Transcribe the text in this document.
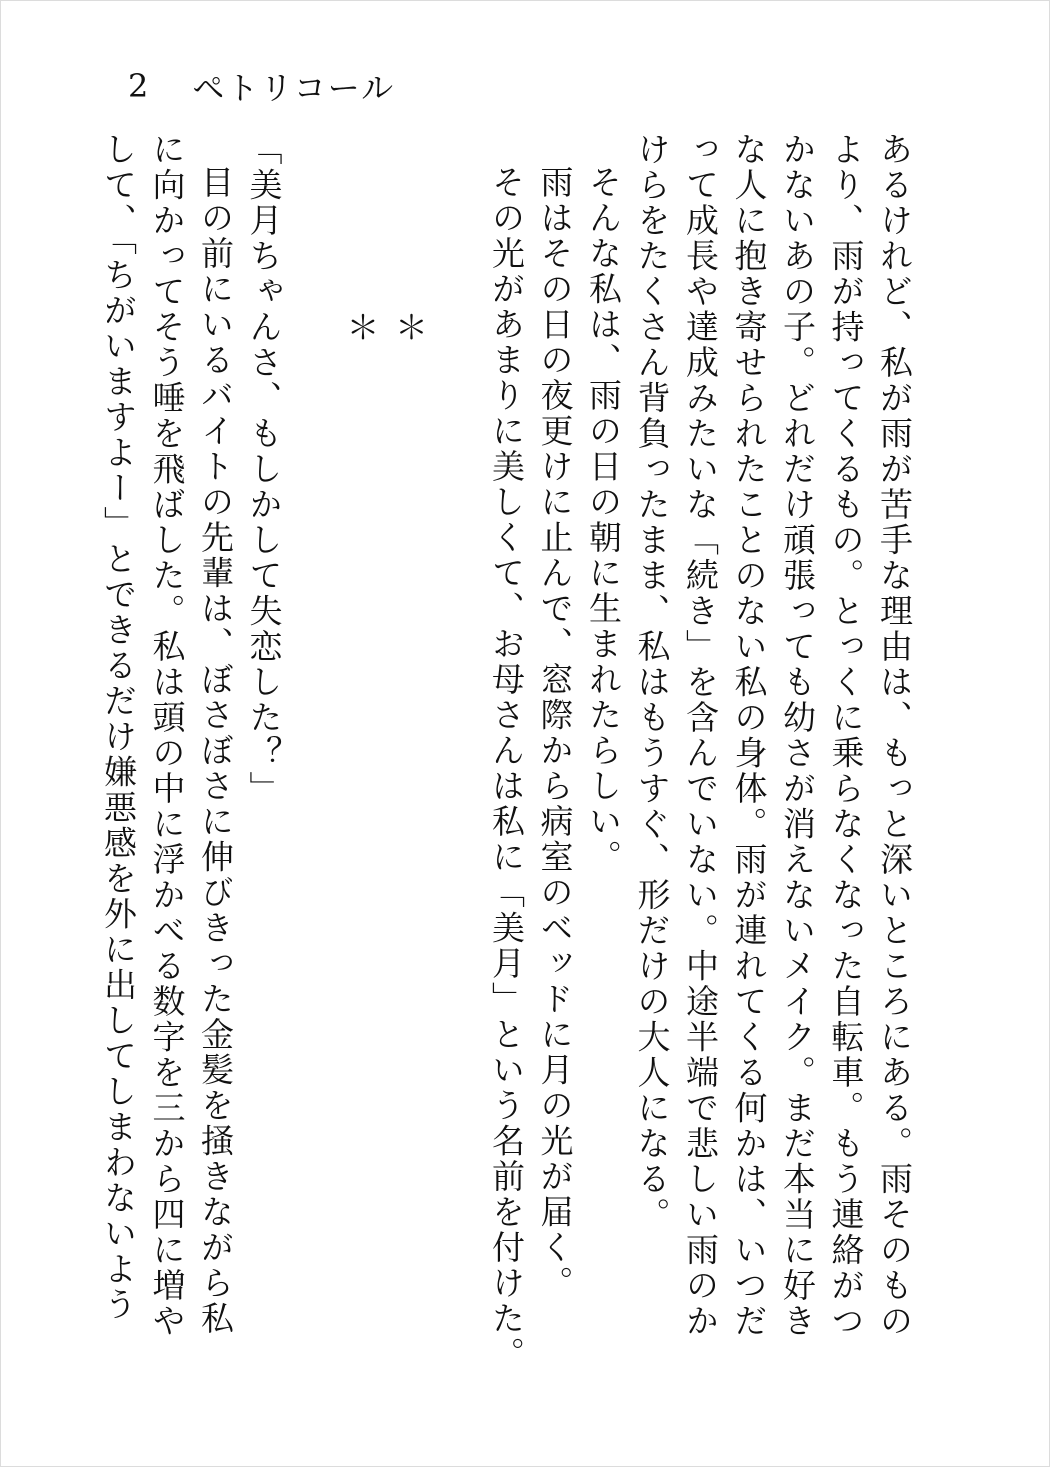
2 ペトリコール

あるけれど、私が雨が苦手な理由は、もっと深いところにある。雨そのもの

より、雨が持ってくるもの。とっくに乗らなくなった自転車。もう連絡がつ

かないあの子。どれだけ頑張っても幼さが消えないメイク。まだ本当に好き

な人に抱き寄せられたことのない私の身体。雨が連れてくる何かは、いつだ

って成長や達成みたいな「続き」を含んでいない。中途半端で悲しい雨のか

けらをたくさん背負ったまま、私はもうすぐ、形だけの大人になる。

そんな私は、雨の日の朝に生まれたらしい。

雨はその日の夜更けに止んで、窓際から病室のベッドに月の光が届く。

その光があまりに美しくて、お母さんは私に「美月」という名前を付けた。

＊
＊

「美月ちゃんさ、もしかして失恋した？」

目の前にいるバイトの先輩は、ぼさぼさに伸びきった金髪を掻きながら私

に向かってそう唾を飛ばした。私は頭の中に浮かべる数字を三から四に増や

して、「ちがいますよー」とできるだけ嫌悪感を外に出してしまわないよう
